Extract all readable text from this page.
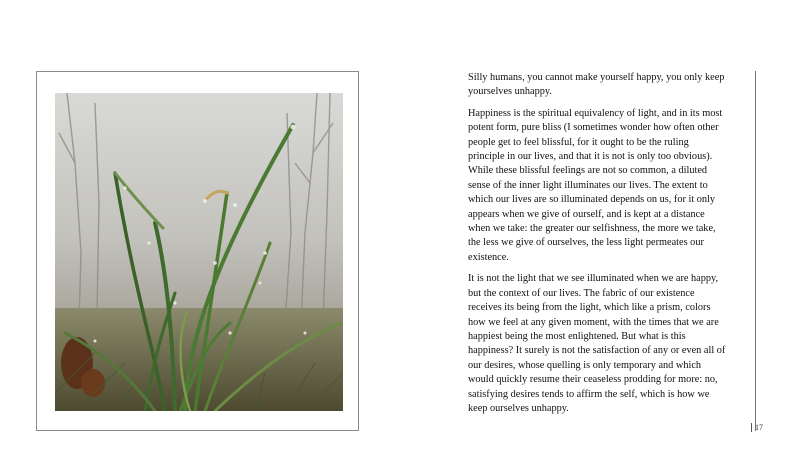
Silly humans, you cannot make yourself happy, you only keep yourselves unhappy.

Happiness is the spiritual equivalency of light, and in its most potent form, pure bliss (I sometimes wonder how often other people get to feel blissful, for it ought to be the ruling principle in our lives, and that it is not is only too obvious). While these blissful feelings are not so common, a diluted sense of the inner light illuminates our lives. The extent to which our lives are so illuminated depends on us, for it only appears when we give of ourself, and is kept at a distance when we take: the greater our selfishness, the more we take, the less we give of ourselves, the less light permeates our existence.

It is not the light that we see illuminated when we are happy, but the context of our lives. The fabric of our existence receives its being from the light, which like a prism, colors how we feel at any given moment, with the times that we are happiest being the most enlightened. But what is this happiness? It surely is not the satisfaction of any or even all of our desires, whose quelling is only temporary and which would quickly resume their ceaseless prodding for more: no, satisfying desires tends to affirm the self, which is how we keep ourselves unhappy.

17
